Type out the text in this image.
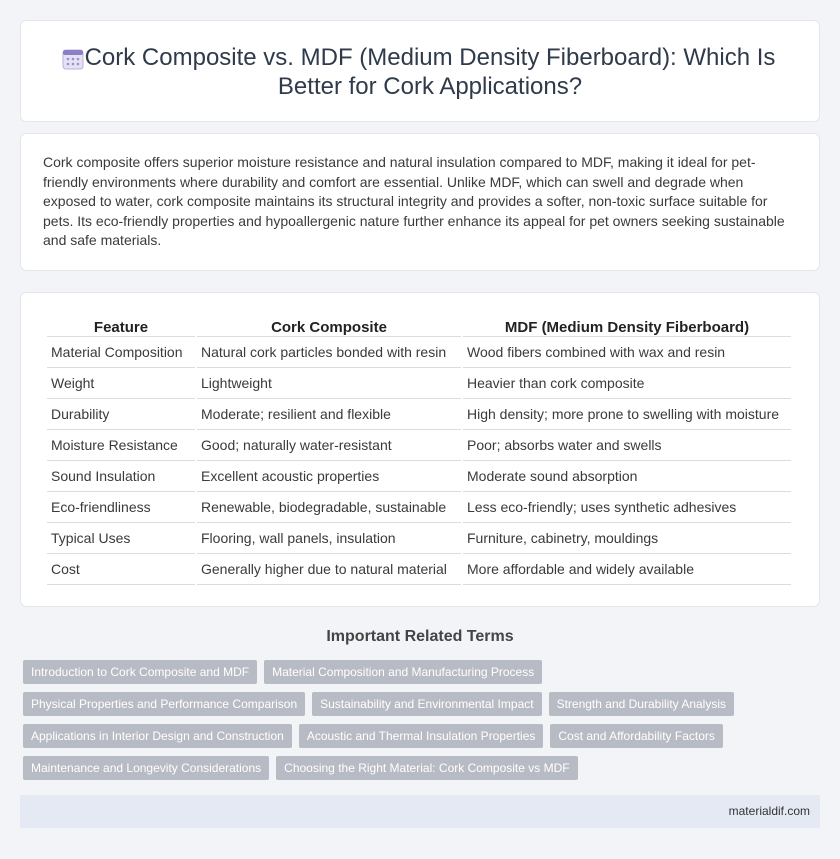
Cork Composite vs. MDF (Medium Density Fiberboard): Which Is Better for Cork Applications?

Cork composite offers superior moisture resistance and natural insulation compared to MDF, making it ideal for pet-friendly environments where durability and comfort are essential. Unlike MDF, which can swell and degrade when exposed to water, cork composite maintains its structural integrity and provides a softer, non-toxic surface suitable for pets. Its eco-friendly properties and hypoallergenic nature further enhance its appeal for pet owners seeking sustainable and safe materials.

Feature	Cork Composite	MDF (Medium Density Fiberboard)
Material Composition	Natural cork particles bonded with resin	Wood fibers combined with wax and resin
Weight	Lightweight	Heavier than cork composite
Durability	Moderate; resilient and flexible	High density; more prone to swelling with moisture
Moisture Resistance	Good; naturally water-resistant	Poor; absorbs water and swells
Sound Insulation	Excellent acoustic properties	Moderate sound absorption
Eco-friendliness	Renewable, biodegradable, sustainable	Less eco-friendly; uses synthetic adhesives
Typical Uses	Flooring, wall panels, insulation	Furniture, cabinetry, mouldings
Cost	Generally higher due to natural material	More affordable and widely available
Important Related Terms
Introduction to Cork Composite and MDF	Material Composition and Manufacturing Process
Physical Properties and Performance Comparison	Sustainability and Environmental Impact	Strength and Durability Analysis
Applications in Interior Design and Construction	Acoustic and Thermal Insulation Properties	Cost and Affordability Factors
Maintenance and Longevity Considerations	Choosing the Right Material: Cork Composite vs MDF
materialdif.com
